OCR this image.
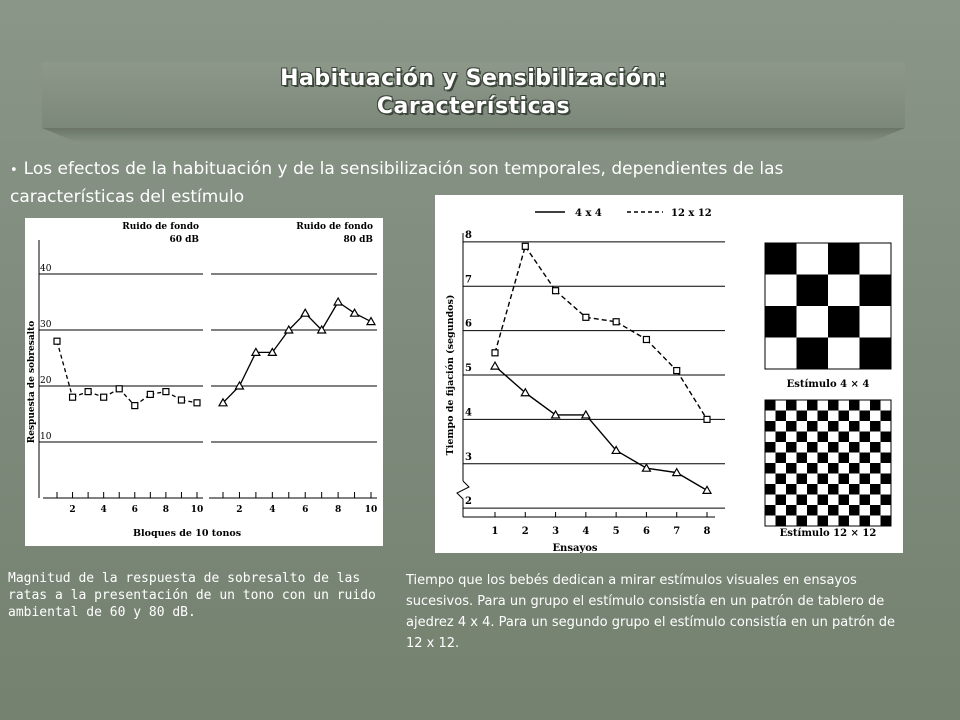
Habituación y Sensibilización:
Características
• Los efectos de la habituación y de la sensibilización son temporales, dependientes de las características del estímulo
Respuesta de sobresalto 10
20
30
40
2	4	6	8 10
Ruido de fondo
60 dB
2	4	6	8	10
Ruido de fondo
80 dB
Bloques de 10 tonos
4 x 4	12 x 12
Tiempo de fijación (segundos)
2
3
4
5
6
7
8
1 2 3 4 5 6 7 8
Ensayos
Estímulo 4 × 4
Estímulo 12 × 12
Magnitud de la respuesta de sobresalto de las ratas a la presentación de un tono con un ruido ambiental de 60 y 80 dB.
Tiempo que los bebés dedican a mirar estímulos visuales en ensayos sucesivos. Para un grupo el estímulo consistía en un patrón de tablero de ajedrez 4 x 4. Para un segundo grupo el estímulo consistía en un patrón de 12 x 12.
